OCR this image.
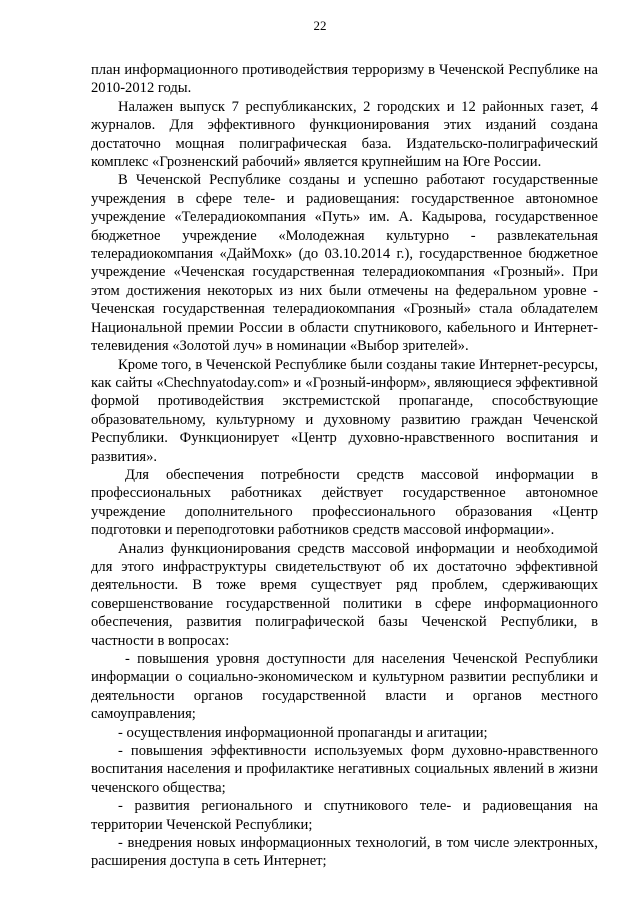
22

план информационного противодействия терроризму в Чеченской Республике на 2010-2012 годы.

Налажен выпуск 7 республиканских, 2 городских и 12 районных газет, 4 журналов. Для эффективного функционирования этих изданий создана достаточно мощная полиграфическая база. Издательско-полиграфический комплекс «Грозненский рабочий» является крупнейшим на Юге России.

В Чеченской Республике созданы и успешно работают государственные учреждения в сфере теле- и радиовещания: государственное автономное учреждение «Телерадиокомпания «Путь» им. А. Кадырова, государственное бюджетное учреждение «Молодежная культурно - развлекательная телерадиокомпания «ДайМохк» (до 03.10.2014 г.), государственное бюджетное учреждение «Чеченская государственная телерадиокомпания «Грозный». При этом достижения некоторых из них были отмечены на федеральном уровне - Чеченская государственная телерадиокомпания «Грозный» стала обладателем Национальной премии России в области спутникового, кабельного и Интернет-телевидения «Золотой луч» в номинации «Выбор зрителей».

Кроме того, в Чеченской Республике были созданы такие Интернет-ресурсы, как сайты «Chechnyatoday.com» и «Грозный-информ», являющиеся эффективной формой противодействия экстремистской пропаганде, способствующие образовательному, культурному и духовному развитию граждан Чеченской Республики. Функционирует «Центр духовно-нравственного воспитания и развития».

Для обеспечения потребности средств массовой информации в профессиональных работниках действует государственное автономное учреждение дополнительного профессионального образования «Центр подготовки и переподготовки работников средств массовой информации».

Анализ функционирования средств массовой информации и необходимой для этого инфраструктуры свидетельствуют об их достаточно эффективной деятельности. В тоже время существует ряд проблем, сдерживающих совершенствование государственной политики в сфере информационного обеспечения, развития полиграфической базы Чеченской Республики, в частности в вопросах:

- повышения уровня доступности для населения Чеченской Республики информации о социально-экономическом и культурном развитии республики и деятельности органов государственной власти и органов местного самоуправления;

- осуществления информационной пропаганды и агитации;

- повышения эффективности используемых форм духовно-нравственного воспитания населения и профилактике негативных социальных явлений в жизни чеченского общества;

- развития регионального и спутникового теле- и радиовещания на территории Чеченской Республики;

- внедрения новых информационных технологий, в том числе электронных, расширения доступа в сеть Интернет;
